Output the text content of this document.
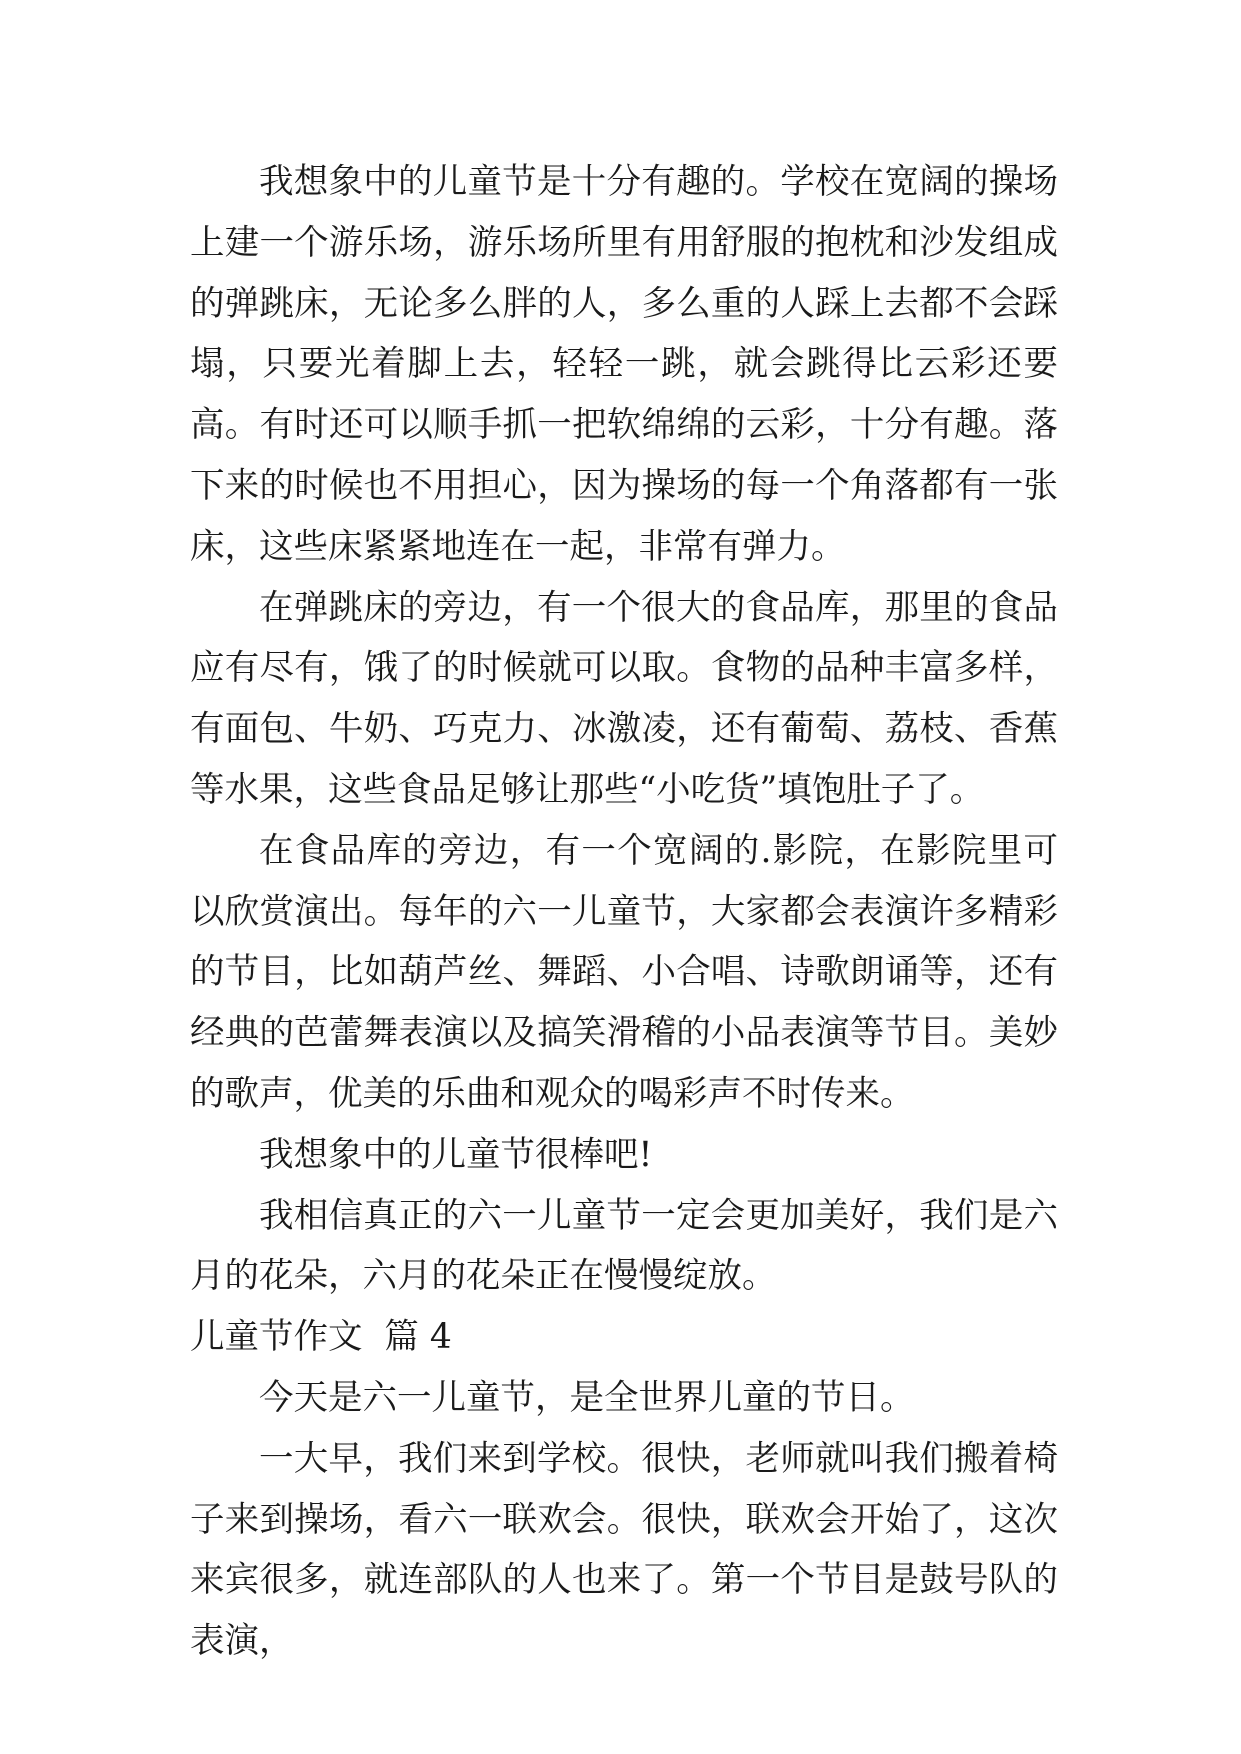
我想象中的儿童节是十分有趣的。学校在宽阔的操场上建一个游乐场，游乐场所里有用舒服的抱枕和沙发组成的弹跳床，无论多么胖的人，多么重的人踩上去都不会踩塌，只要光着脚上去，轻轻一跳，就会跳得比云彩还要高。有时还可以顺手抓一把软绵绵的云彩，十分有趣。落下来的时候也不用担心，因为操场的每一个角落都有一张床，这些床紧紧地连在一起，非常有弹力。

在弹跳床的旁边，有一个很大的食品库，那里的食品应有尽有，饿了的时候就可以取。食物的品种丰富多样，有面包、牛奶、巧克力、冰激凌，还有葡萄、荔枝、香蕉等水果，这些食品足够让那些“小吃货”填饱肚子了。

在食品库的旁边，有一个宽阔的.影院，在影院里可以欣赏演出。每年的六一儿童节，大家都会表演许多精彩的节目，比如葫芦丝、舞蹈、小合唱、诗歌朗诵等，还有经典的芭蕾舞表演以及搞笑滑稽的小品表演等节目。美妙的歌声，优美的乐曲和观众的喝彩声不时传来。

我想象中的儿童节很棒吧!

我相信真正的六一儿童节一定会更加美好，我们是六月的花朵，六月的花朵正在慢慢绽放。

儿童节作文  篇 4

今天是六一儿童节，是全世界儿童的节日。

一大早，我们来到学校。很快，老师就叫我们搬着椅子来到操场，看六一联欢会。很快，联欢会开始了，这次来宾很多，就连部队的人也来了。第一个节目是鼓号队的表演，
